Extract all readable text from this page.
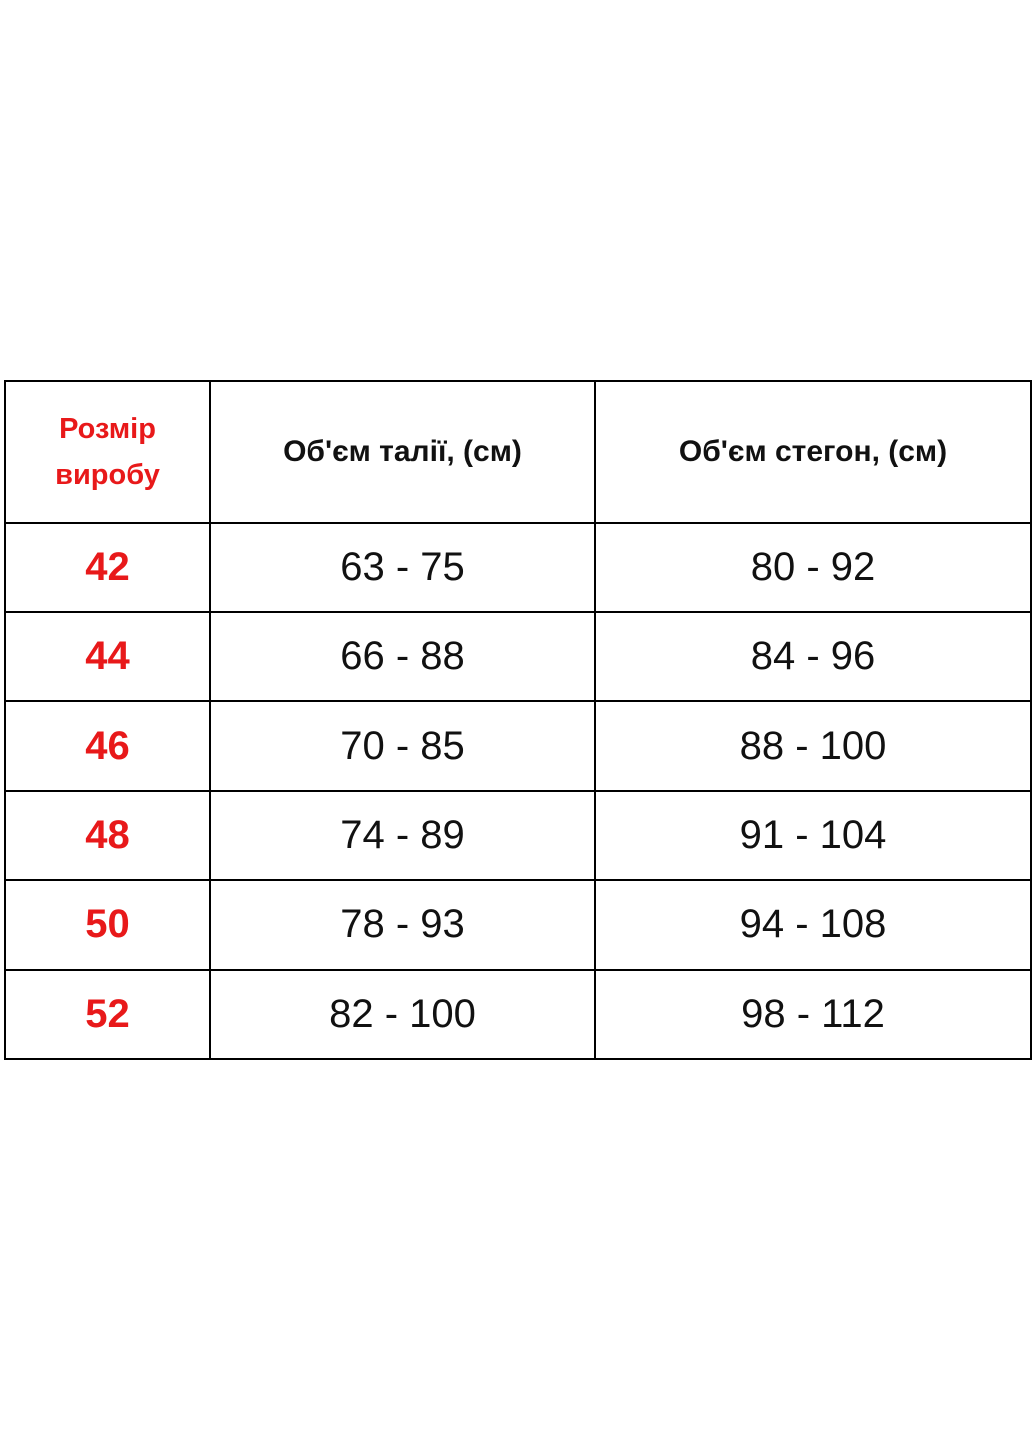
Розмір
виробу	Об'єм талії, (см)	Об'єм стегон, (см)
42	63 - 75	80 - 92
44	66 - 88	84 - 96
46	70 - 85	88 - 100
48	74 - 89	91 - 104
50	78 - 93	94 - 108
52	82 - 100	98 - 112
